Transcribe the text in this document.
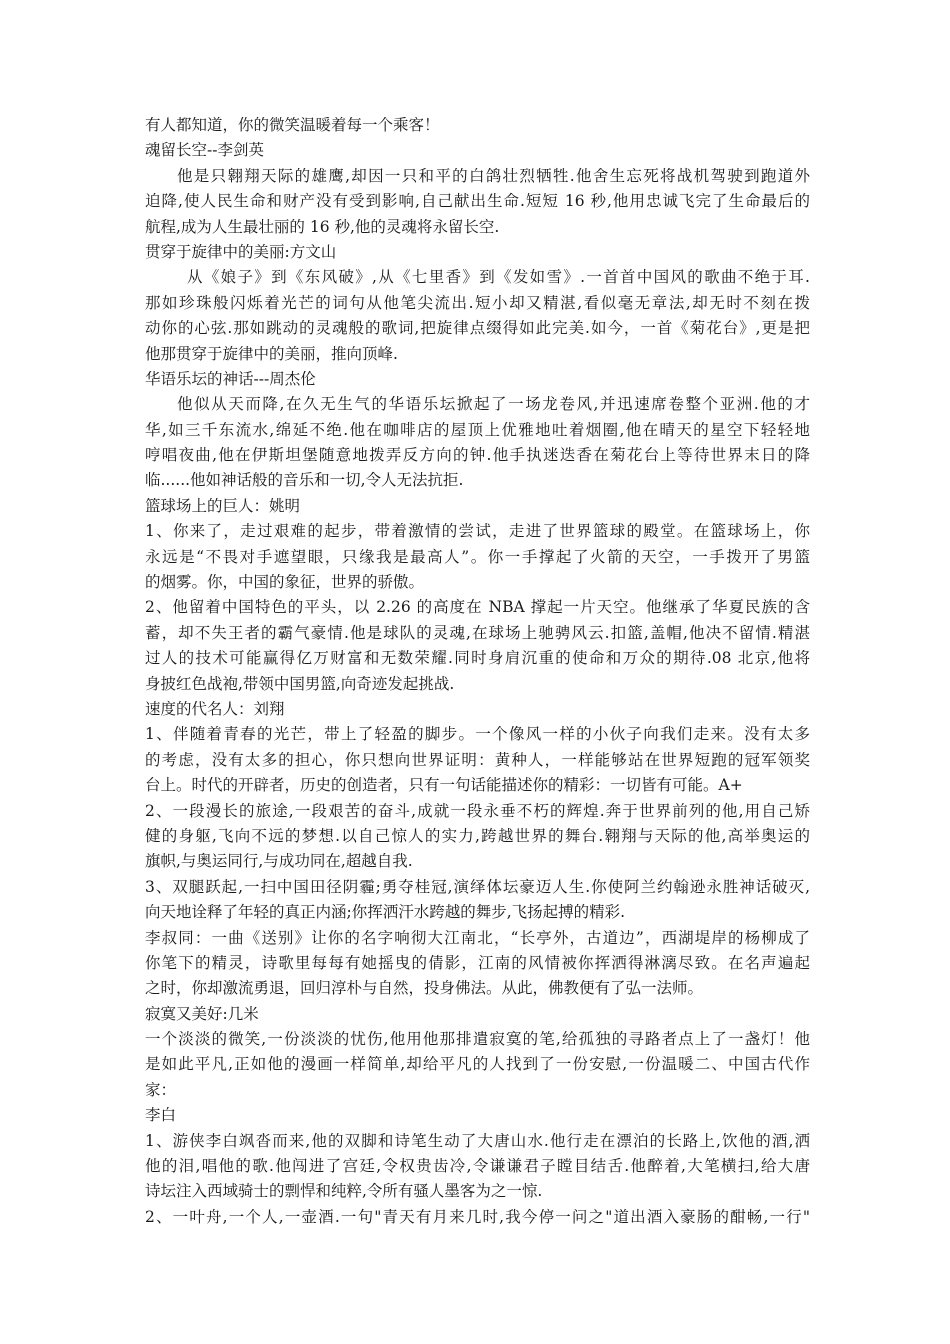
有人都知道，你的微笑温暖着每一个乘客！
魂留长空--李剑英
他是只翱翔天际的雄鹰,却因一只和平的白鸽壮烈牺牲.他舍生忘死将战机驾驶到跑道外
迫降,使人民生命和财产没有受到影响,自己献出生命.短短 16 秒,他用忠诚飞完了生命最后的
航程,成为人生最壮丽的 16 秒,他的灵魂将永留长空.
贯穿于旋律中的美丽:方文山
从《娘子》到《东风破》,从《七里香》到《发如雪》.一首首中国风的歌曲不绝于耳.
那如珍珠般闪烁着光芒的词句从他笔尖流出.短小却又精湛,看似毫无章法,却无时不刻在拨
动你的心弦.那如跳动的灵魂般的歌词,把旋律点缀得如此完美.如今，一首《菊花台》,更是把
他那贯穿于旋律中的美丽，推向顶峰.
华语乐坛的神话---周杰伦
他似从天而降,在久无生气的华语乐坛掀起了一场龙卷风,并迅速席卷整个亚洲.他的才
华,如三千东流水,绵延不绝.他在咖啡店的屋顶上优雅地吐着烟圈,他在晴天的星空下轻轻地
哼唱夜曲,他在伊斯坦堡随意地拨弄反方向的钟.他手执迷迭香在菊花台上等待世界末日的降
临......他如神话般的音乐和一切,令人无法抗拒.
篮球场上的巨人：姚明
1、你来了，走过艰难的起步，带着激情的尝试，走进了世界篮球的殿堂。在篮球场上，你
永远是“不畏对手遮望眼，只缘我是最高人”。你一手撑起了火箭的天空，一手拨开了男篮
的烟雾。你，中国的象征，世界的骄傲。
2、他留着中国特色的平头，以 2.26 的高度在 NBA 撑起一片天空。他继承了华夏民族的含
蓄，却不失王者的霸气豪情.他是球队的灵魂,在球场上驰骋风云.扣篮,盖帽,他决不留情.精湛
过人的技术可能赢得亿万财富和无数荣耀.同时身肩沉重的使命和万众的期待.08 北京,他将
身披红色战袍,带领中国男篮,向奇迹发起挑战.
速度的代名人：刘翔
1、伴随着青春的光芒，带上了轻盈的脚步。一个像风一样的小伙子向我们走来。没有太多
的考虑，没有太多的担心，你只想向世界证明：黄种人，一样能够站在世界短跑的冠军领奖
台上。时代的开辟者，历史的创造者，只有一句话能描述你的精彩：一切皆有可能。A+
2、一段漫长的旅途,一段艰苦的奋斗,成就一段永垂不朽的辉煌.奔于世界前列的他,用自己矫
健的身躯,飞向不远的梦想.以自己惊人的实力,跨越世界的舞台.翱翔与天际的他,高举奥运的
旗帜,与奥运同行,与成功同在,超越自我.
3、双腿跃起,一扫中国田径阴霾;勇夺桂冠,演绎体坛豪迈人生.你使阿兰约翰逊永胜神话破灭,
向天地诠释了年轻的真正内涵;你挥洒汗水跨越的舞步,飞扬起搏的精彩.
李叔同：一曲《送别》让你的名字响彻大江南北，“长亭外，古道边”，西湖堤岸的杨柳成了
你笔下的精灵，诗歌里每每有她摇曳的倩影，江南的风情被你挥洒得淋漓尽致。在名声遍起
之时，你却激流勇退，回归淳朴与自然，投身佛法。从此，佛教便有了弘一法师。
寂寞又美好:几米
一个淡淡的微笑,一份淡淡的忧伤,他用他那排遣寂寞的笔,给孤独的寻路者点上了一盏灯！他
是如此平凡,正如他的漫画一样简单,却给平凡的人找到了一份安慰,一份温暖二、中国古代作
家：
李白
1、游侠李白飒沓而来,他的双脚和诗笔生动了大唐山水.他行走在漂泊的长路上,饮他的酒,洒
他的泪,唱他的歌.他闯进了宫廷,令权贵齿冷,令谦谦君子瞠目结舌.他醉着,大笔横扫,给大唐
诗坛注入西域骑士的剽悍和纯粹,令所有骚人墨客为之一惊.
2、一叶舟,一个人,一壶酒.一句"青天有月来几时,我今停一问之"道出酒入豪肠的酣畅,一行"
